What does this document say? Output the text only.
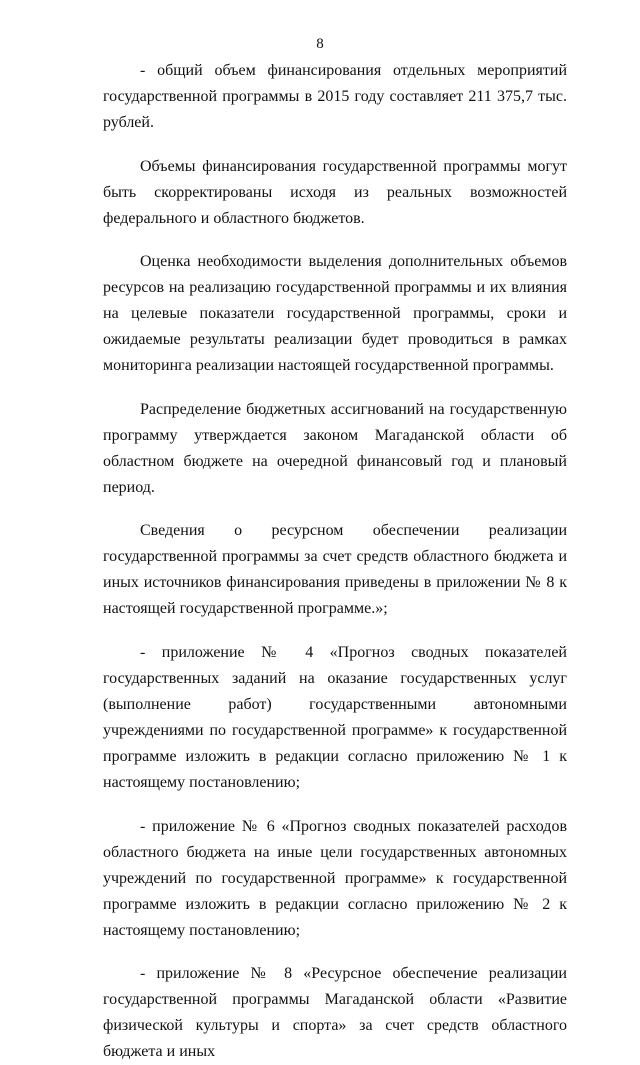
8

- общий объем финансирования отдельных мероприятий государственной программы в 2015 году составляет 211 375,7 тыс. рублей.

Объемы финансирования государственной программы могут быть скорректированы исходя из реальных возможностей федерального и областного бюджетов.

Оценка необходимости выделения дополнительных объемов ресурсов на реализацию государственной программы и их влияния на целевые показатели государственной программы, сроки и ожидаемые результаты реализации будет проводиться в рамках мониторинга реализации настоящей государственной программы.

Распределение бюджетных ассигнований на государственную программу утверждается законом Магаданской области об областном бюджете на очередной финансовый год и плановый период.

Сведения о ресурсном обеспечении реализации государственной программы за счет средств областного бюджета и иных источников финансирования приведены в приложении № 8 к настоящей государственной программе.»;

- приложение № 4 «Прогноз сводных показателей государственных заданий на оказание государственных услуг (выполнение работ) государственными автономными учреждениями по государственной программе» к государственной программе изложить в редакции согласно приложению № 1 к настоящему постановлению;

- приложение № 6 «Прогноз сводных показателей расходов областного бюджета на иные цели государственных автономных учреждений по государственной программе» к государственной программе изложить в редакции согласно приложению № 2 к настоящему постановлению;

- приложение № 8 «Ресурсное обеспечение реализации государственной программы Магаданской области «Развитие физической культуры и спорта» за счет средств областного бюджета и иных
